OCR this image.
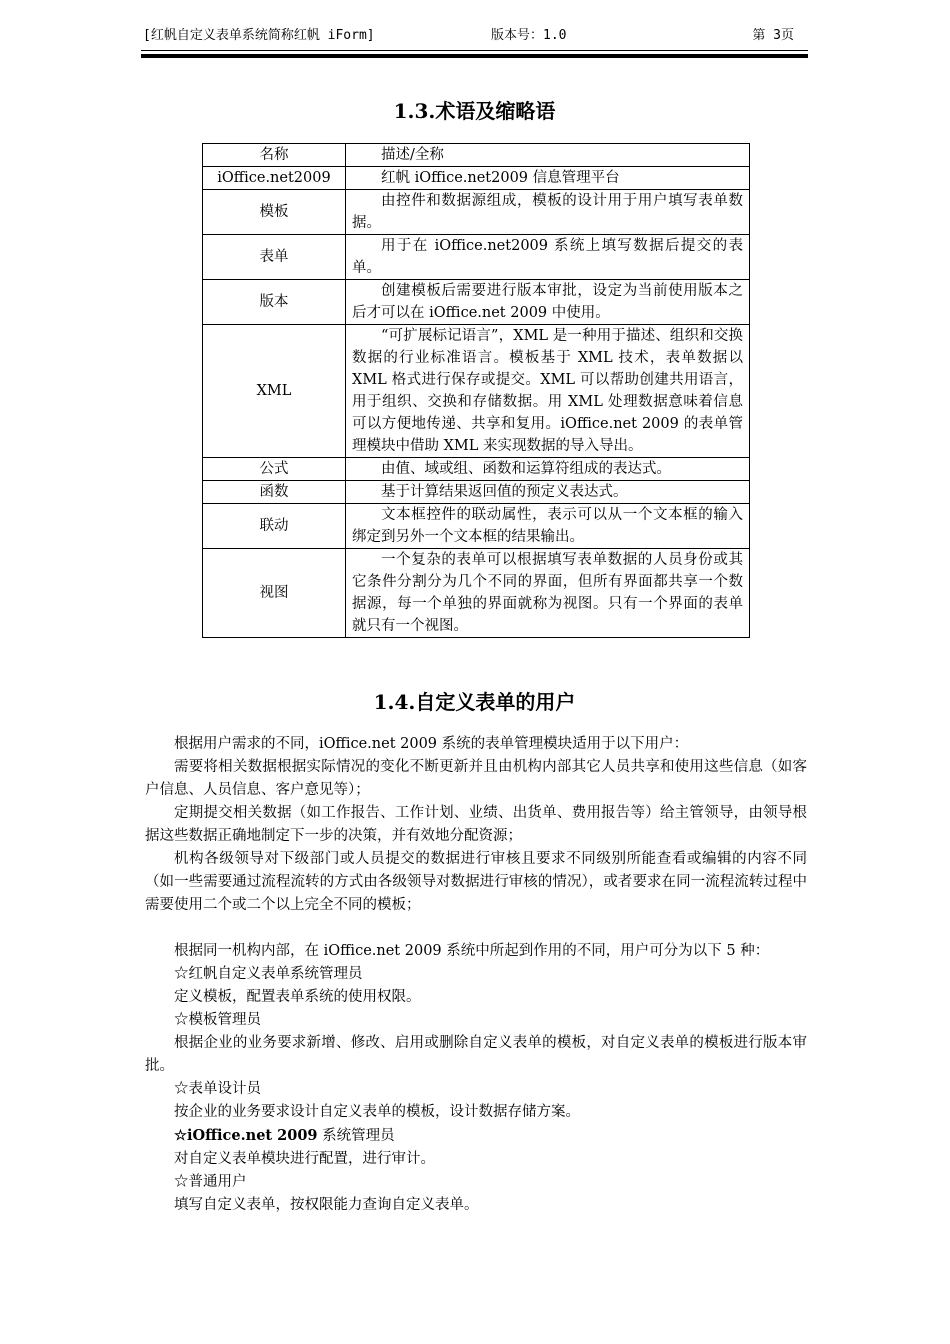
[红帆自定义表单系统简称红帆 iForm]	版本号：1.0	第 3页
1.3.术语及缩略语
名称	描述/全称
iOffice.net2009	红帆 iOffice.net2009 信息管理平台
模板	由控件和数据源组成，模板的设计用于用户填写表单数据。
表单	用于在 iOffice.net2009 系统上填写数据后提交的表单。
版本	创建模板后需要进行版本审批，设定为当前使用版本之后才可以在 iOffice.net 2009 中使用。
XML	“可扩展标记语言”，XML 是一种用于描述、组织和交换数据的行业标准语言。模板基于 XML 技术，表单数据以 XML 格式进行保存或提交。XML 可以帮助创建共用语言，用于组织、交换和存储数据。用 XML 处理数据意味着信息可以方便地传递、共享和复用。iOffice.net 2009 的表单管理模块中借助 XML 来实现数据的导入导出。
公式	由值、域或组、函数和运算符组成的表达式。
函数	基于计算结果返回值的预定义表达式。
联动	文本框控件的联动属性，表示可以从一个文本框的输入绑定到另外一个文本框的结果输出。
视图	一个复杂的表单可以根据填写表单数据的人员身份或其它条件分割分为几个不同的界面，但所有界面都共享一个数据源，每一个单独的界面就称为视图。只有一个界面的表单就只有一个视图。
1.4.自定义表单的用户

根据用户需求的不同，iOffice.net 2009 系统的表单管理模块适用于以下用户：

需要将相关数据根据实际情况的变化不断更新并且由机构内部其它人员共享和使用这些信息（如客户信息、人员信息、客户意见等）；

定期提交相关数据（如工作报告、工作计划、业绩、出货单、费用报告等）给主管领导，由领导根据这些数据正确地制定下一步的决策，并有效地分配资源；

机构各级领导对下级部门或人员提交的数据进行审核且要求不同级别所能查看或编辑的内容不同（如一些需要通过流程流转的方式由各级领导对数据进行审核的情况），或者要求在同一流程流转过程中需要使用二个或二个以上完全不同的模板；

根据同一机构内部，在 iOffice.net 2009 系统中所起到作用的不同，用户可分为以下 5 种：

☆红帆自定义表单系统管理员

定义模板，配置表单系统的使用权限。

☆模板管理员

根据企业的业务要求新增、修改、启用或删除自定义表单的模板，对自定义表单的模板进行版本审批。

☆表单设计员

按企业的业务要求设计自定义表单的模板，设计数据存储方案。

☆iOffice.net 2009 系统管理员

对自定义表单模块进行配置，进行审计。

☆普通用户

填写自定义表单，按权限能力查询自定义表单。
